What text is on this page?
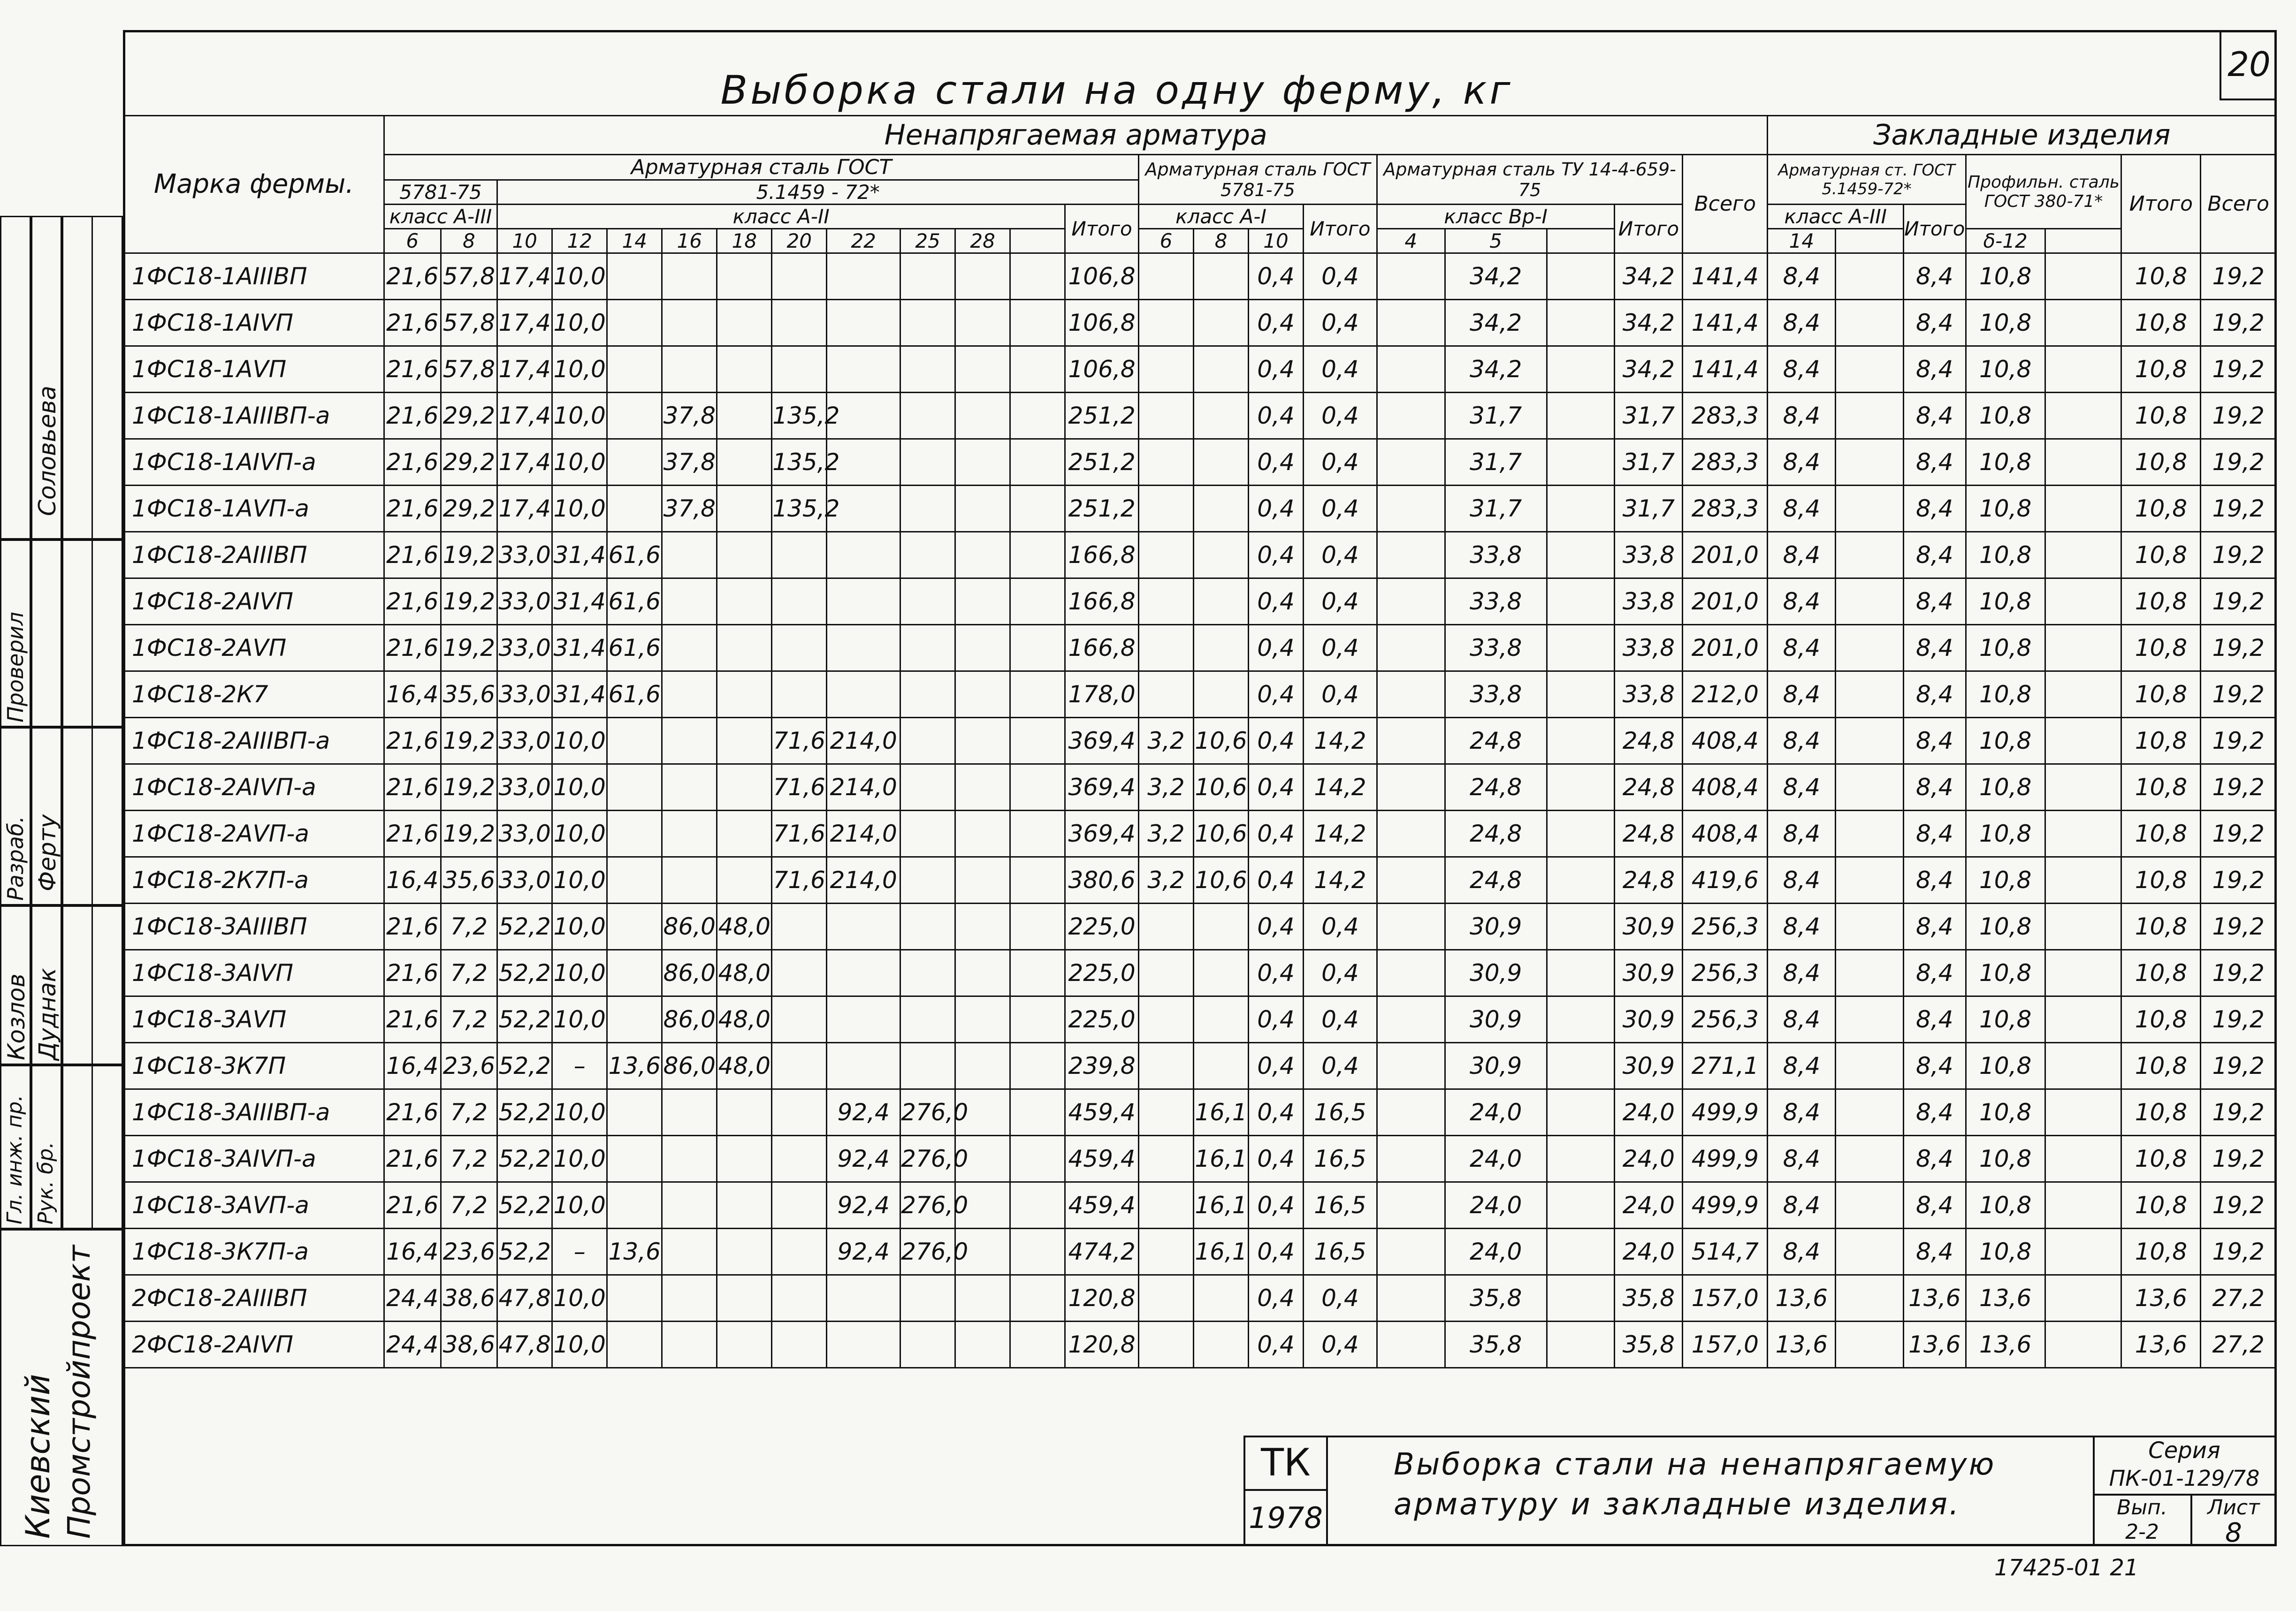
Выборка стали на одну ферму, кг
20
Марка фермы.	Ненапрягаемая арматура																						Закладные изделия						
	Арматурная сталь ГОСТ													Арматурная сталь ГОСТ 5781-75				Арматурная сталь ТУ 14-4-659-75				Всего	Арматурная ст. ГОСТ 5.1459-72*			Профильн. сталь ГОСТ 380-71*		Итого	Всего
	5781-75		5.1459 - 72*																										
	класс A-III		класс A-II										Итого	класс A-I			Итого	класс Вр-I			Итого		класс A-III		Итого				
	6	8	10	12	14	16	18	20	22	25	28			6	8	10		4	5				14			δ-12			
1ФС18-1АIIIВП	21,6	57,8	17,4	10,0									106,8			0,4	0,4		34,2		34,2	141,4	8,4		8,4	10,8		10,8	19,2
1ФС18-1АIVП	21,6	57,8	17,4	10,0									106,8			0,4	0,4		34,2		34,2	141,4	8,4		8,4	10,8		10,8	19,2
1ФС18-1АVП	21,6	57,8	17,4	10,0									106,8			0,4	0,4		34,2		34,2	141,4	8,4		8,4	10,8		10,8	19,2
1ФС18-1АIIIВП-а	21,6	29,2	17,4	10,0		37,8		135,2					251,2			0,4	0,4		31,7		31,7	283,3	8,4		8,4	10,8		10,8	19,2
1ФС18-1АIVП-а	21,6	29,2	17,4	10,0		37,8		135,2					251,2			0,4	0,4		31,7		31,7	283,3	8,4		8,4	10,8		10,8	19,2
1ФС18-1АVП-а	21,6	29,2	17,4	10,0		37,8		135,2					251,2			0,4	0,4		31,7		31,7	283,3	8,4		8,4	10,8		10,8	19,2
1ФС18-2АIIIВП	21,6	19,2	33,0	31,4	61,6								166,8			0,4	0,4		33,8		33,8	201,0	8,4		8,4	10,8		10,8	19,2
1ФС18-2АIVП	21,6	19,2	33,0	31,4	61,6								166,8			0,4	0,4		33,8		33,8	201,0	8,4		8,4	10,8		10,8	19,2
1ФС18-2АVП	21,6	19,2	33,0	31,4	61,6								166,8			0,4	0,4		33,8		33,8	201,0	8,4		8,4	10,8		10,8	19,2
1ФС18-2К7	16,4	35,6	33,0	31,4	61,6								178,0			0,4	0,4		33,8		33,8	212,0	8,4		8,4	10,8		10,8	19,2
1ФС18-2АIIIВП-а	21,6	19,2	33,0	10,0				71,6	214,0				369,4	3,2	10,6	0,4	14,2		24,8		24,8	408,4	8,4		8,4	10,8		10,8	19,2
1ФС18-2АIVП-а	21,6	19,2	33,0	10,0				71,6	214,0				369,4	3,2	10,6	0,4	14,2		24,8		24,8	408,4	8,4		8,4	10,8		10,8	19,2
1ФС18-2АVП-а	21,6	19,2	33,0	10,0				71,6	214,0				369,4	3,2	10,6	0,4	14,2		24,8		24,8	408,4	8,4		8,4	10,8		10,8	19,2
1ФС18-2К7П-а	16,4	35,6	33,0	10,0				71,6	214,0				380,6	3,2	10,6	0,4	14,2		24,8		24,8	419,6	8,4		8,4	10,8		10,8	19,2
1ФС18-3АIIIВП	21,6	7,2	52,2	10,0		86,0	48,0						225,0			0,4	0,4		30,9		30,9	256,3	8,4		8,4	10,8		10,8	19,2
1ФС18-3АIVП	21,6	7,2	52,2	10,0		86,0	48,0						225,0			0,4	0,4		30,9		30,9	256,3	8,4		8,4	10,8		10,8	19,2
1ФС18-3АVП	21,6	7,2	52,2	10,0		86,0	48,0						225,0			0,4	0,4		30,9		30,9	256,3	8,4		8,4	10,8		10,8	19,2
1ФС18-3К7П	16,4	23,6	52,2	–	13,6	86,0	48,0						239,8			0,4	0,4		30,9		30,9	271,1	8,4		8,4	10,8		10,8	19,2
1ФС18-3АIIIВП-а	21,6	7,2	52,2	10,0					92,4	276,0			459,4		16,1	0,4	16,5		24,0		24,0	499,9	8,4		8,4	10,8		10,8	19,2
1ФС18-3АIVП-а	21,6	7,2	52,2	10,0					92,4	276,0			459,4		16,1	0,4	16,5		24,0		24,0	499,9	8,4		8,4	10,8		10,8	19,2
1ФС18-3АVП-а	21,6	7,2	52,2	10,0					92,4	276,0			459,4		16,1	0,4	16,5		24,0		24,0	499,9	8,4		8,4	10,8		10,8	19,2
1ФС18-3К7П-а	16,4	23,6	52,2	–	13,6				92,4	276,0			474,2		16,1	0,4	16,5		24,0		24,0	514,7	8,4		8,4	10,8		10,8	19,2
2ФС18-2АIIIВП	24,4	38,6	47,8	10,0									120,8			0,4	0,4		35,8		35,8	157,0	13,6		13,6	13,6		13,6	27,2
2ФС18-2АIVП	24,4	38,6	47,8	10,0									120,8			0,4	0,4		35,8		35,8	157,0	13,6		13,6	13,6		13,6	27,2
Киевский Промстройпроект
Гл. инж. пр. Рук. бр.
Проверил
Разраб.
Козлов Дуднак
Соловьева
Ферту
ТК
1978
Выборка стали на ненапрягаемую
арматуру и закладные изделия.
Серия
ПК-01-129/78
Вып.
2-2
Лист
8
17425-01 21
